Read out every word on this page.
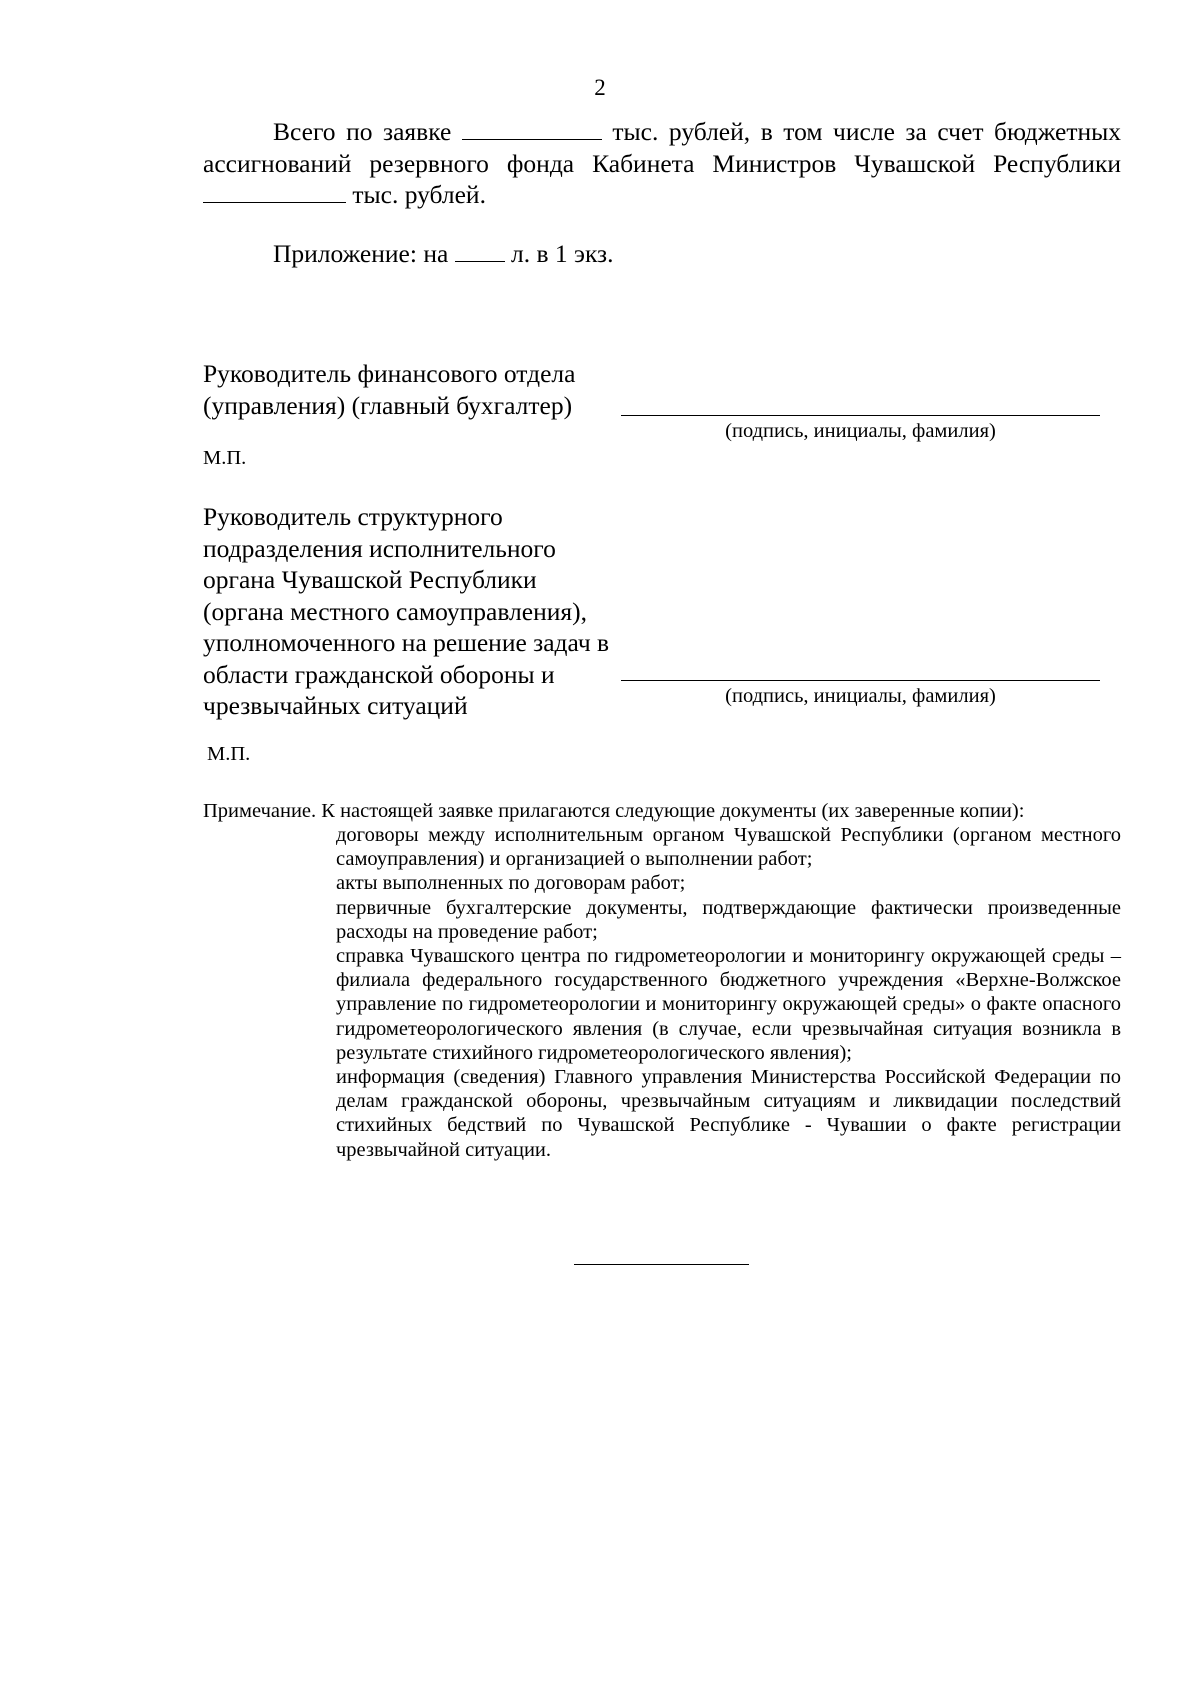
2
Всего по заявке	тыс. рублей, в том числе за счет бюджетных ассигнований резервного фонда Кабинета Министров Чувашской Республики  тыс. рублей.
Приложение: на л. в 1 экз.
Руководитель финансового отдела (управления) (главный бухгалтер)
(подпись, инициалы, фамилия)
М.П.
Руководитель структурного подразделения исполнительного органа Чувашской Республики (органа местного самоуправления), уполномоченного на решение задач в области гражданской обороны и чрезвычайных ситуаций	(подпись, инициалы, фамилия)
М.П.
Примечание. К настоящей заявке прилагаются следующие документы (их заверенные копии):

договоры между исполнительным органом Чувашской Республики (органом местного самоуправления) и организацией о выполнении работ;

акты выполненных по договорам работ;

первичные бухгалтерские документы, подтверждающие фактически произведенные расходы на проведение работ;

справка Чувашского центра по гидрометеорологии и мониторингу окружающей среды – филиала федерального государственного бюджетного учреждения «Верхне-Волжское управление по гидрометеорологии и мониторингу окружающей среды» о факте опасного гидрометеорологического явления (в случае, если чрезвычайная ситуация возникла в результате стихийного гидрометеорологического явления);

информация (сведения) Главного управления Министерства Российской Федерации по делам гражданской обороны, чрезвычайным ситуациям и ликвидации последствий стихийных бедствий по Чувашской Республике - Чувашии о факте регистрации чрезвычайной ситуации.
